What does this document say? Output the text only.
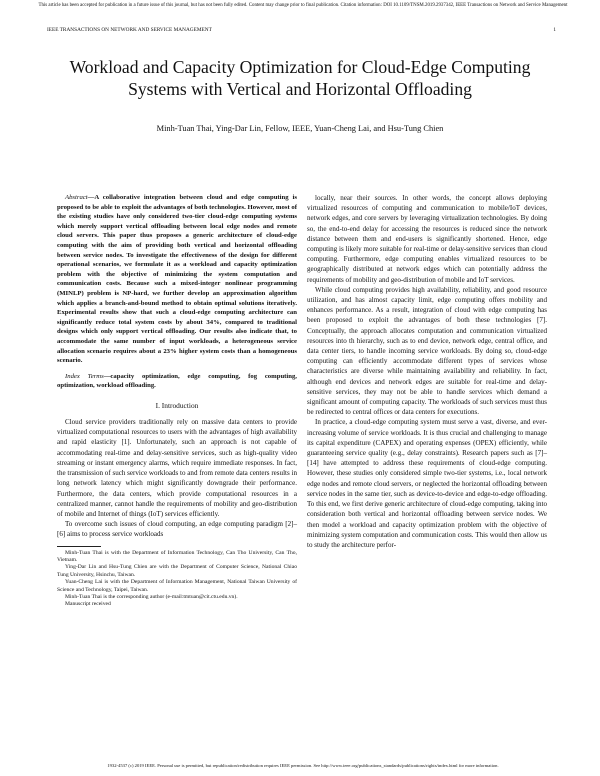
This article has been accepted for publication in a future issue of this journal, but has not been fully edited. Content may change prior to final publication. Citation information: DOI 10.1109/TNSM.2019.2937342, IEEE Transactions on Network and Service Management
IEEE TRANSACTIONS ON NETWORK AND SERVICE MANAGEMENT	1
Workload and Capacity Optimization for Cloud-Edge Computing Systems with Vertical and Horizontal Offloading
Minh-Tuan Thai, Ying-Dar Lin, Fellow, IEEE, Yuan-Cheng Lai, and Hsu-Tung Chien

Abstract—A collaborative integration between cloud and edge computing is proposed to be able to exploit the advantages of both technologies. However, most of the existing studies have only considered two-tier cloud-edge computing systems which merely support vertical offloading between local edge nodes and remote cloud servers. This paper thus proposes a generic architecture of cloud-edge computing with the aim of providing both vertical and horizontal offloading between service nodes. To investigate the effectiveness of the design for different operational scenarios, we formulate it as a workload and capacity optimization problem with the objective of minimizing the system computation and communication costs. Because such a mixed-integer nonlinear programming (MINLP) problem is NP-hard, we further develop an approximation algorithm which applies a branch-and-bound method to obtain optimal solutions iteratively. Experimental results show that such a cloud-edge computing architecture can significantly reduce total system costs by about 34%, compared to traditional designs which only support vertical offloading. Our results also indicate that, to accommodate the same number of input workloads, a heterogeneous service allocation scenario requires about a 23% higher system costs than a homogeneous scenario.

Index Terms—capacity optimization, edge computing, fog computing, optimization, workload offloading.

I. Introduction

Cloud service providers traditionally rely on massive data centers to provide virtualized computational resources to users with the advantages of high availability and rapid elasticity [1]. Unfortunately, such an approach is not capable of accommodating real-time and delay-sensitive services, such as high-quality video streaming or instant emergency alarms, which require immediate responses. In fact, the transmission of such service workloads to and from remote data centers results in long network latency which might significantly downgrade their performance. Furthermore, the data centers, which provide computational resources in a centralized manner, cannot handle the requirements of mobility and geo-distribution of mobile and Internet of things (IoT) services efficiently.

To overcome such issues of cloud computing, an edge computing paradigm [2]–[6] aims to process service workloads

Minh-Tuan Thai is with the Department of Information Technology, Can Tho University, Can Tho, Vietnam.

Ying-Dar Lin and Hsu-Tung Chien are with the Department of Computer Science, National Chiao Tung University, Hsinchu, Taiwan.

Yuan-Cheng Lai is with the Department of Information Management, National Taiwan University of Science and Technology, Taipei, Taiwan.

Minh-Tuan Thai is the corresponding author (e-mail:tmtuan@cit.ctu.edu.vn).

Manuscript received

locally, near their sources. In other words, the concept allows deploying virtualized resources of computing and communication to mobile/IoT devices, network edges, and core servers by leveraging virtualization technologies. By doing so, the end-to-end delay for accessing the resources is reduced since the network distance between them and end-users is significantly shortened. Hence, edge computing is likely more suitable for real-time or delay-sensitive services than cloud computing. Furthermore, edge computing enables virtualized resources to be geographically distributed at network edges which can potentially address the requirements of mobility and geo-distribution of mobile and IoT services.

While cloud computing provides high availability, reliability, and good resource utilization, and has almost capacity limit, edge computing offers mobility and enhances performance. As a result, integration of cloud with edge computing has been proposed to exploit the advantages of both these technologies [7]. Conceptually, the approach allocates computation and communication virtualized resources into th hierarchy, such as to end device, network edge, central office, and data center tiers, to handle incoming service workloads. By doing so, cloud-edge computing can efficiently accommodate different types of services whose characteristics are diverse while maintaining availability and reliability. In fact, although end devices and network edges are suitable for real-time and delay-sensitive services, they may not be able to handle services which demand a significant amount of computing capacity. The workloads of such services must thus be redirected to central offices or data centers for executions.

In practice, a cloud-edge computing system must serve a vast, diverse, and ever-increasing volume of service workloads. It is thus crucial and challenging to manage its capital expenditure (CAPEX) and operating expenses (OPEX) efficiently, while guaranteeing service quality (e.g., delay constraints). Research papers such as [7]–[14] have attempted to address these requirements of cloud-edge computing. However, these studies only considered simple two-tier systems, i.e., local network edge nodes and remote cloud servers, or neglected the horizontal offloading between service nodes in the same tier, such as device-to-device and edge-to-edge offloading. To this end, we first derive generic architecture of cloud-edge computing, taking into consideration both vertical and horizontal offloading between service nodes. We then model a workload and capacity optimization problem with the objective of minimizing system computation and communication costs. This would then allow us to study the architecture perfor-

1932-4537 (c) 2019 IEEE. Personal use is permitted, but republication/redistribution requires IEEE permission. See http://www.ieee.org/publications_standards/publications/rights/index.html for more information.
